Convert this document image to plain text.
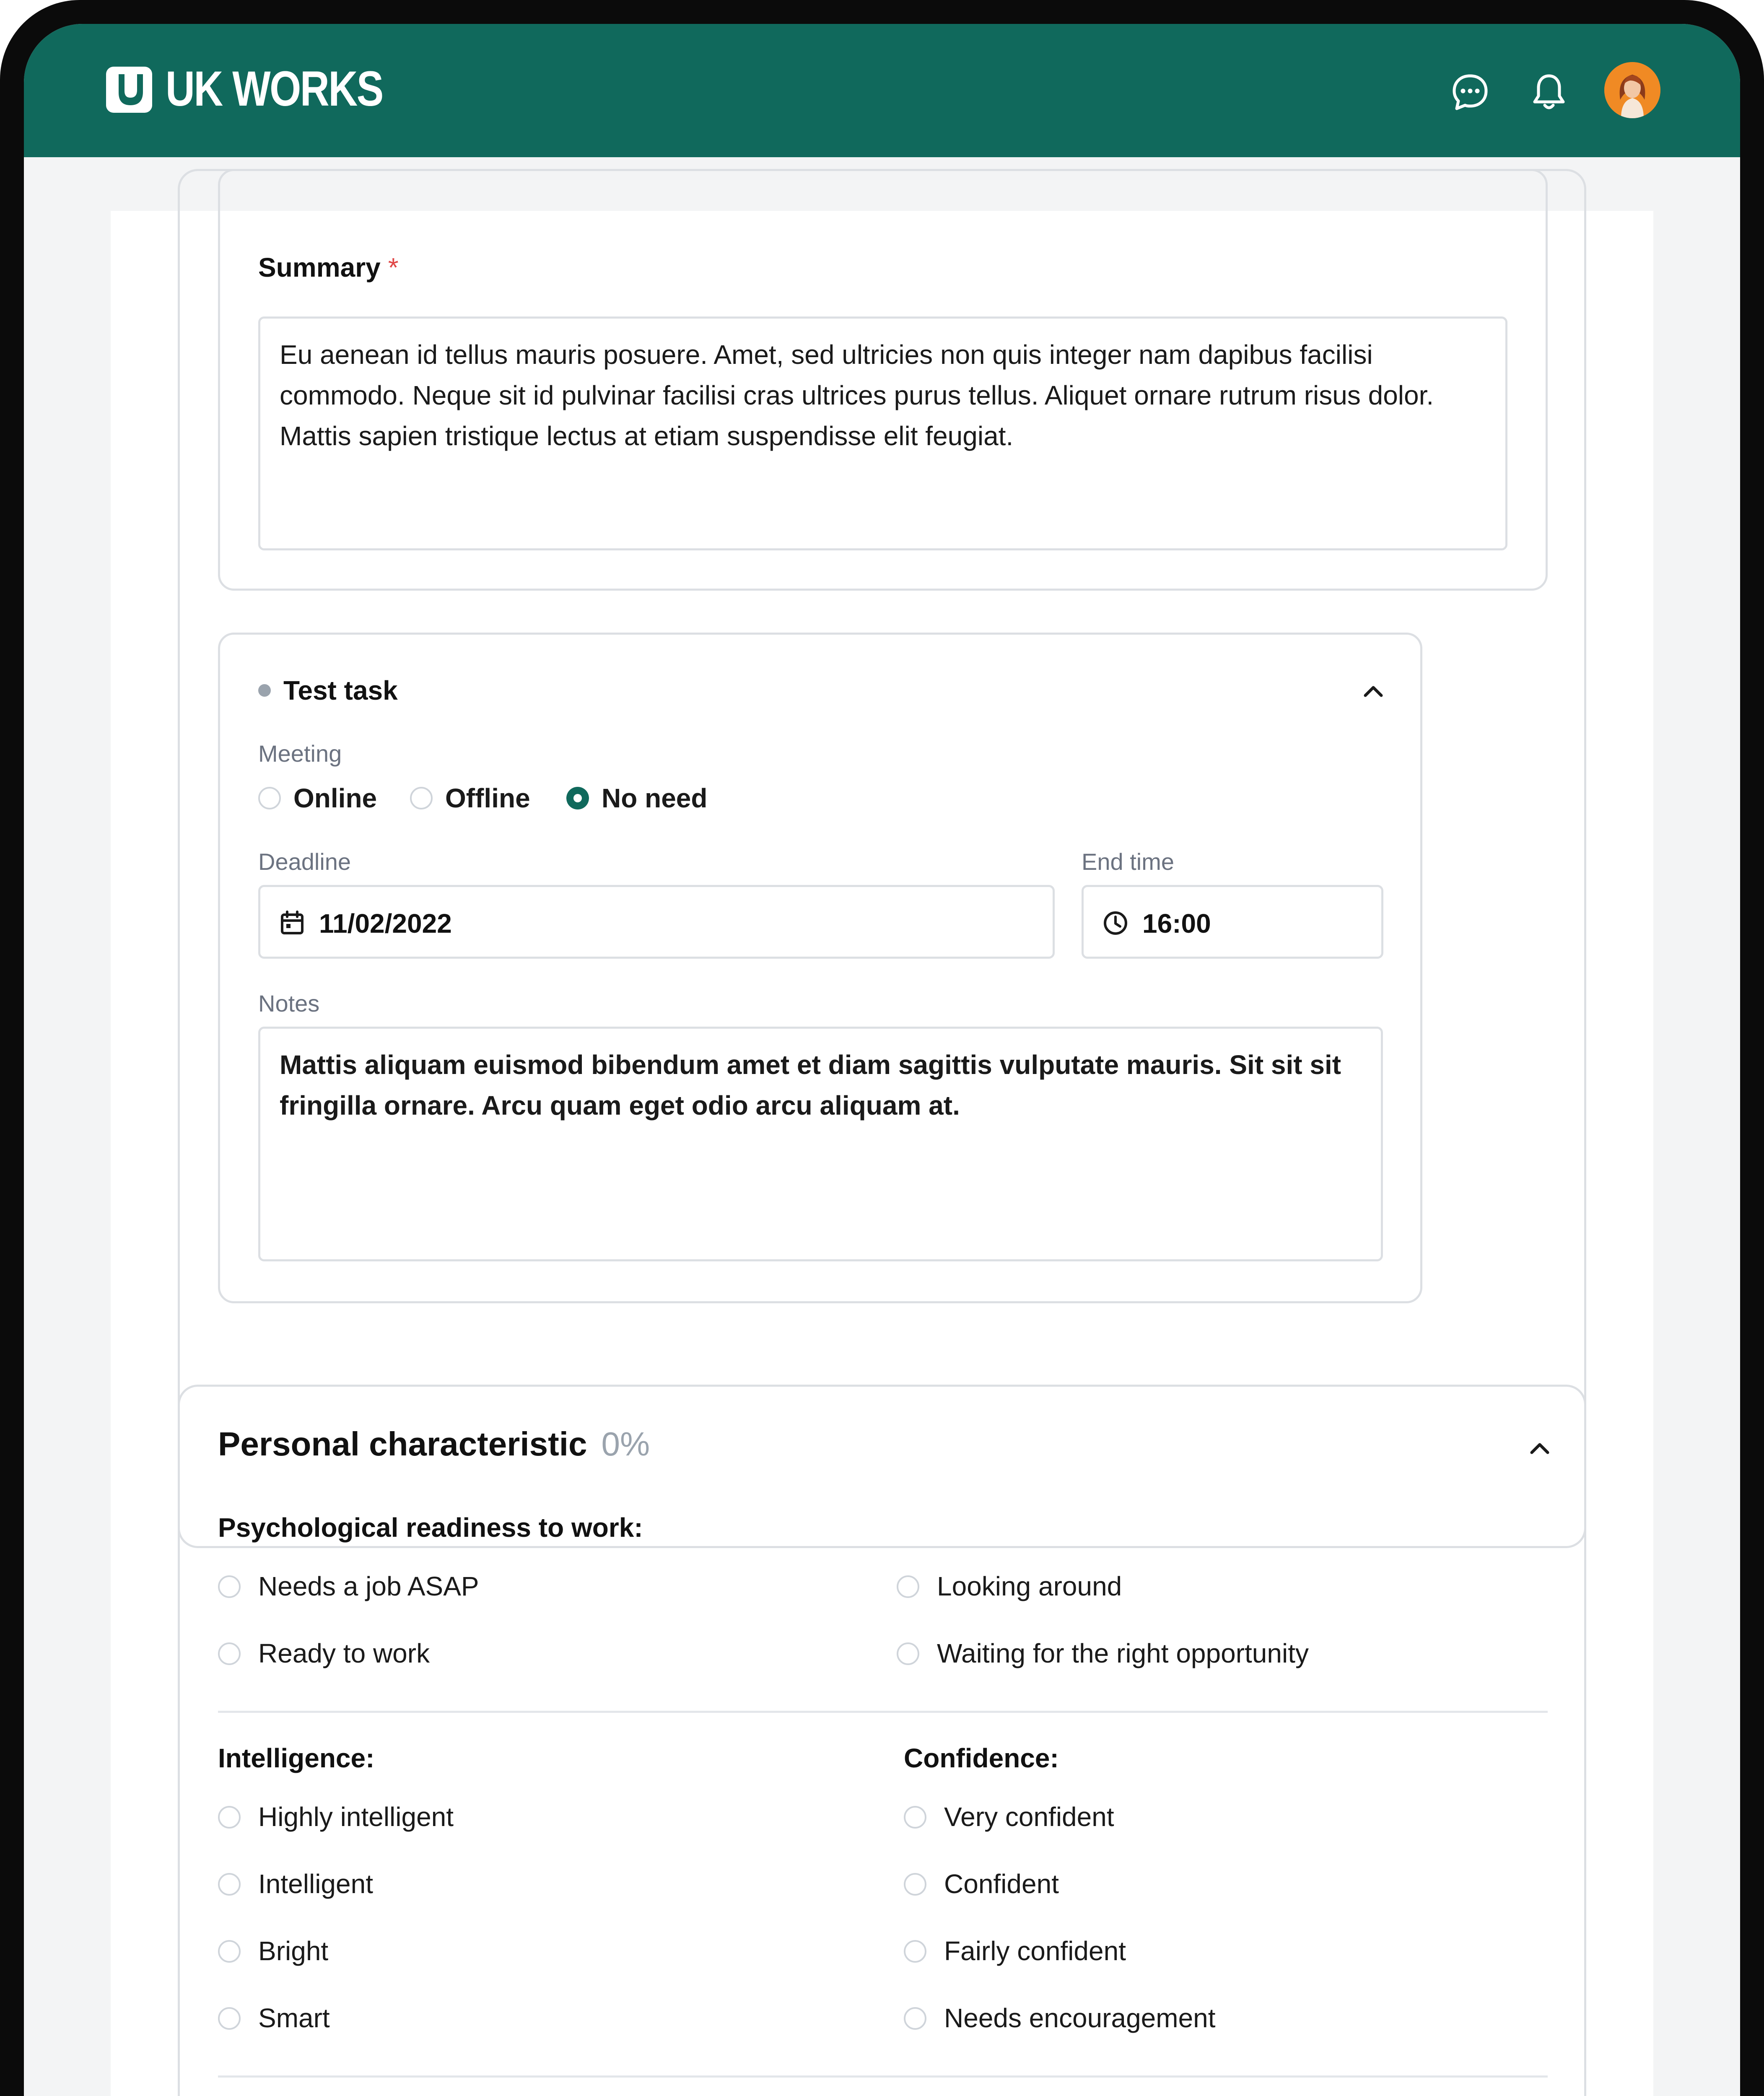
UK WORKS
Summary *
Eu aenean id tellus mauris posuere. Amet, sed ultricies non quis integer nam dapibus facilisi commodo. Neque sit id pulvinar facilisi cras ultrices purus tellus. Aliquet ornare rutrum risus dolor. Mattis sapien tristique lectus at etiam suspendisse elit feugiat.
Test task
Meeting
Online	Offline	No need
Deadline
11/02/2022
End time
16:00
Notes
Mattis aliquam euismod bibendum amet et diam sagittis vulputate mauris. Sit sit sit fringilla ornare. Arcu quam eget odio arcu aliquam at.
Personal characteristic 0%
Psychological readiness to work:
Needs a job ASAP	Looking around
Ready to work	Waiting for the right opportunity
Intelligence:
Highly intelligent
Intelligent
Bright
Smart
Confidence:
Very confident
Confident
Fairly confident
Needs encouragement
